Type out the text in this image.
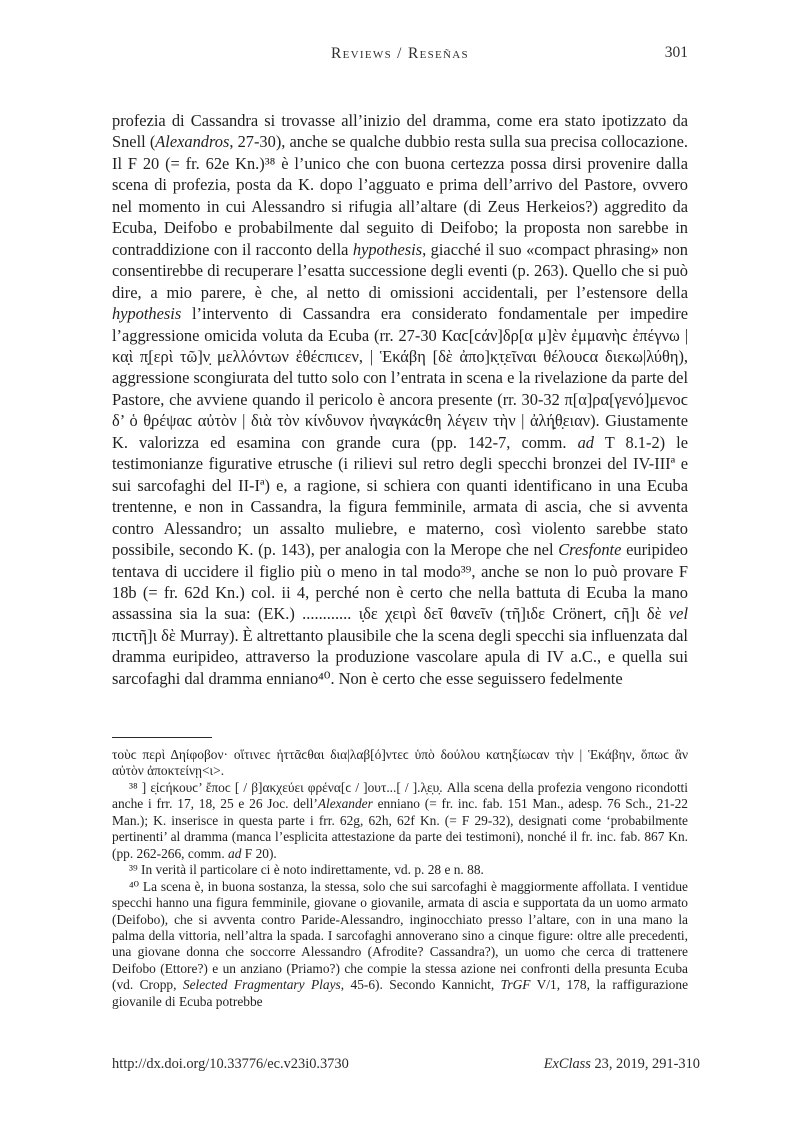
Reviews / Reseñas	301

profezia di Cassandra si trovasse all’inizio del dramma, come era stato ipotizzato da Snell (Alexandros, 27-30), anche se qualche dubbio resta sulla sua precisa collocazione. Il F 20 (= fr. 62e Kn.)³⁸ è l’unico che con buona certezza possa dirsi provenire dalla scena di profezia, posta da K. dopo l’agguato e prima dell’arrivo del Pastore, ovvero nel momento in cui Alessandro si rifugia all’altare (di Zeus Herkeios?) aggredito da Ecuba, Deifobo e probabilmente dal seguito di Deifobo; la proposta non sarebbe in contraddizione con il racconto della hypothesis, giacché il suo «compact phrasing» non consentirebbe di recuperare l’esatta successione degli eventi (p. 263). Quello che si può dire, a mio parere, è che, al netto di omissioni accidentali, per l’estensore della hypothesis l’intervento di Cassandra era considerato fondamentale per impedire l’aggressione omicida voluta da Ecuba (rr. 27-30 Καϲ[ϲάν]δρ[α μ]ὲν ἐμμανὴϲ ἐπέγνω | κα̣ὶ π̣[ερὶ τῶ]ν̣ μελλόντων ἐθέϲπιϲεν, | Ἑκάβη [δὲ ἀπο]κ̣τ̣εῖναι θέλουϲα διεκω|λύθη), aggressione scongiurata del tutto solo con l’entrata in scena e la rivelazione da parte del Pastore, che avviene quando il pericolo è ancora presente (rr. 30-32 π[α]ρα[γενό]μενοϲ δ’ ὁ θ̣ρέψαϲ αὐτὸν | διὰ τὸν κίνδυνον ἠναγκάϲθη λέγειν τὴν | ἀλή̣θ̣ειαν). Giustamente K. valorizza ed esamina con grande cura (pp. 142-7, comm. ad T 8.1-2) le testimonianze figurative etrusche (i rilievi sul retro degli specchi bronzei del IV-IIIª e sui sarcofaghi del II-Iª) e, a ragione, si schiera con quanti identificano in una Ecuba trentenne, e non in Cassandra, la figura femminile, armata di ascia, che si avventa contro Alessandro; un assalto muliebre, e materno, così violento sarebbe stato possibile, secondo K. (p. 143), per analogia con la Merope che nel Cresfonte euripideo tentava di uccidere il figlio più o meno in tal modo³⁹, anche se non lo può provare F 18b (= fr. 62d Kn.) col. ii 4, perché non è certo che nella battuta di Ecuba la mano assassina sia la sua: (ΕΚ.) ............ ι̣δε χειρὶ δεῖ θανεῖν (τῆ]ιδε Crönert, ϲῆ]ι δὲ vel πιϲτῆ]ι δὲ Murray). È altrettanto plausibile che la scena degli specchi sia influenzata dal dramma euripideo, attraverso la produzione vascolare apula di IV a.C., e quella sui sarcofaghi dal dramma enniano⁴⁰. Non è certo che esse seguissero fedelmente

τοὺϲ περὶ Δηίφοβον· οἵτινεϲ ἡττᾶϲθαι δια|λαβ[ό]ντεϲ ὑπὸ δούλου κατηξίωϲαν τὴν | Ἑκάβην, ὅπωϲ ἂν αὐτὸν ἀποκτείνῃ<ι>.

³⁸ ] ε̣ἰϲήκουϲ’ ἔποϲ [ / β]ακχεύει φρένα[ϲ / ]ουτ...[ / ].λ̣ε̣υ̣. Alla scena della profezia vengono ricondotti anche i frr. 17, 18, 25 e 26 Joc. dell’Alexander enniano (= fr. inc. fab. 151 Man., adesp. 76 Sch., 21-22 Man.); K. inserisce in questa parte i frr. 62g, 62h, 62f Kn. (= F 29-32), designati come ‘probabilmente pertinenti’ al dramma (manca l’esplicita attestazione da parte dei testimoni), nonché il fr. inc. fab. 867 Kn. (pp. 262-266, comm. ad F 20).

³⁹ In verità il particolare ci è noto indirettamente, vd. p. 28 e n. 88.

⁴⁰ La scena è, in buona sostanza, la stessa, solo che sui sarcofaghi è maggiormente affollata. I ventidue specchi hanno una figura femminile, giovane o giovanile, armata di ascia e supportata da un uomo armato (Deifobo), che si avventa contro Paride-Alessandro, inginocchiato presso l’altare, con in una mano la palma della vittoria, nell’altra la spada. I sarcofaghi annoverano sino a cinque figure: oltre alle precedenti, una giovane donna che soccorre Alessandro (Afrodite? Cassandra?), un uomo che cerca di trattenere Deifobo (Ettore?) e un anziano (Priamo?) che compie la stessa azione nei confronti della presunta Ecuba (vd. Cropp, Selected Fragmentary Plays, 45-6). Secondo Kannicht, TrGF V/1, 178, la raffigurazione giovanile di Ecuba potrebbe

http://dx.doi.org/10.33776/ec.v23i0.3730	ExClass 23, 2019, 291-310
